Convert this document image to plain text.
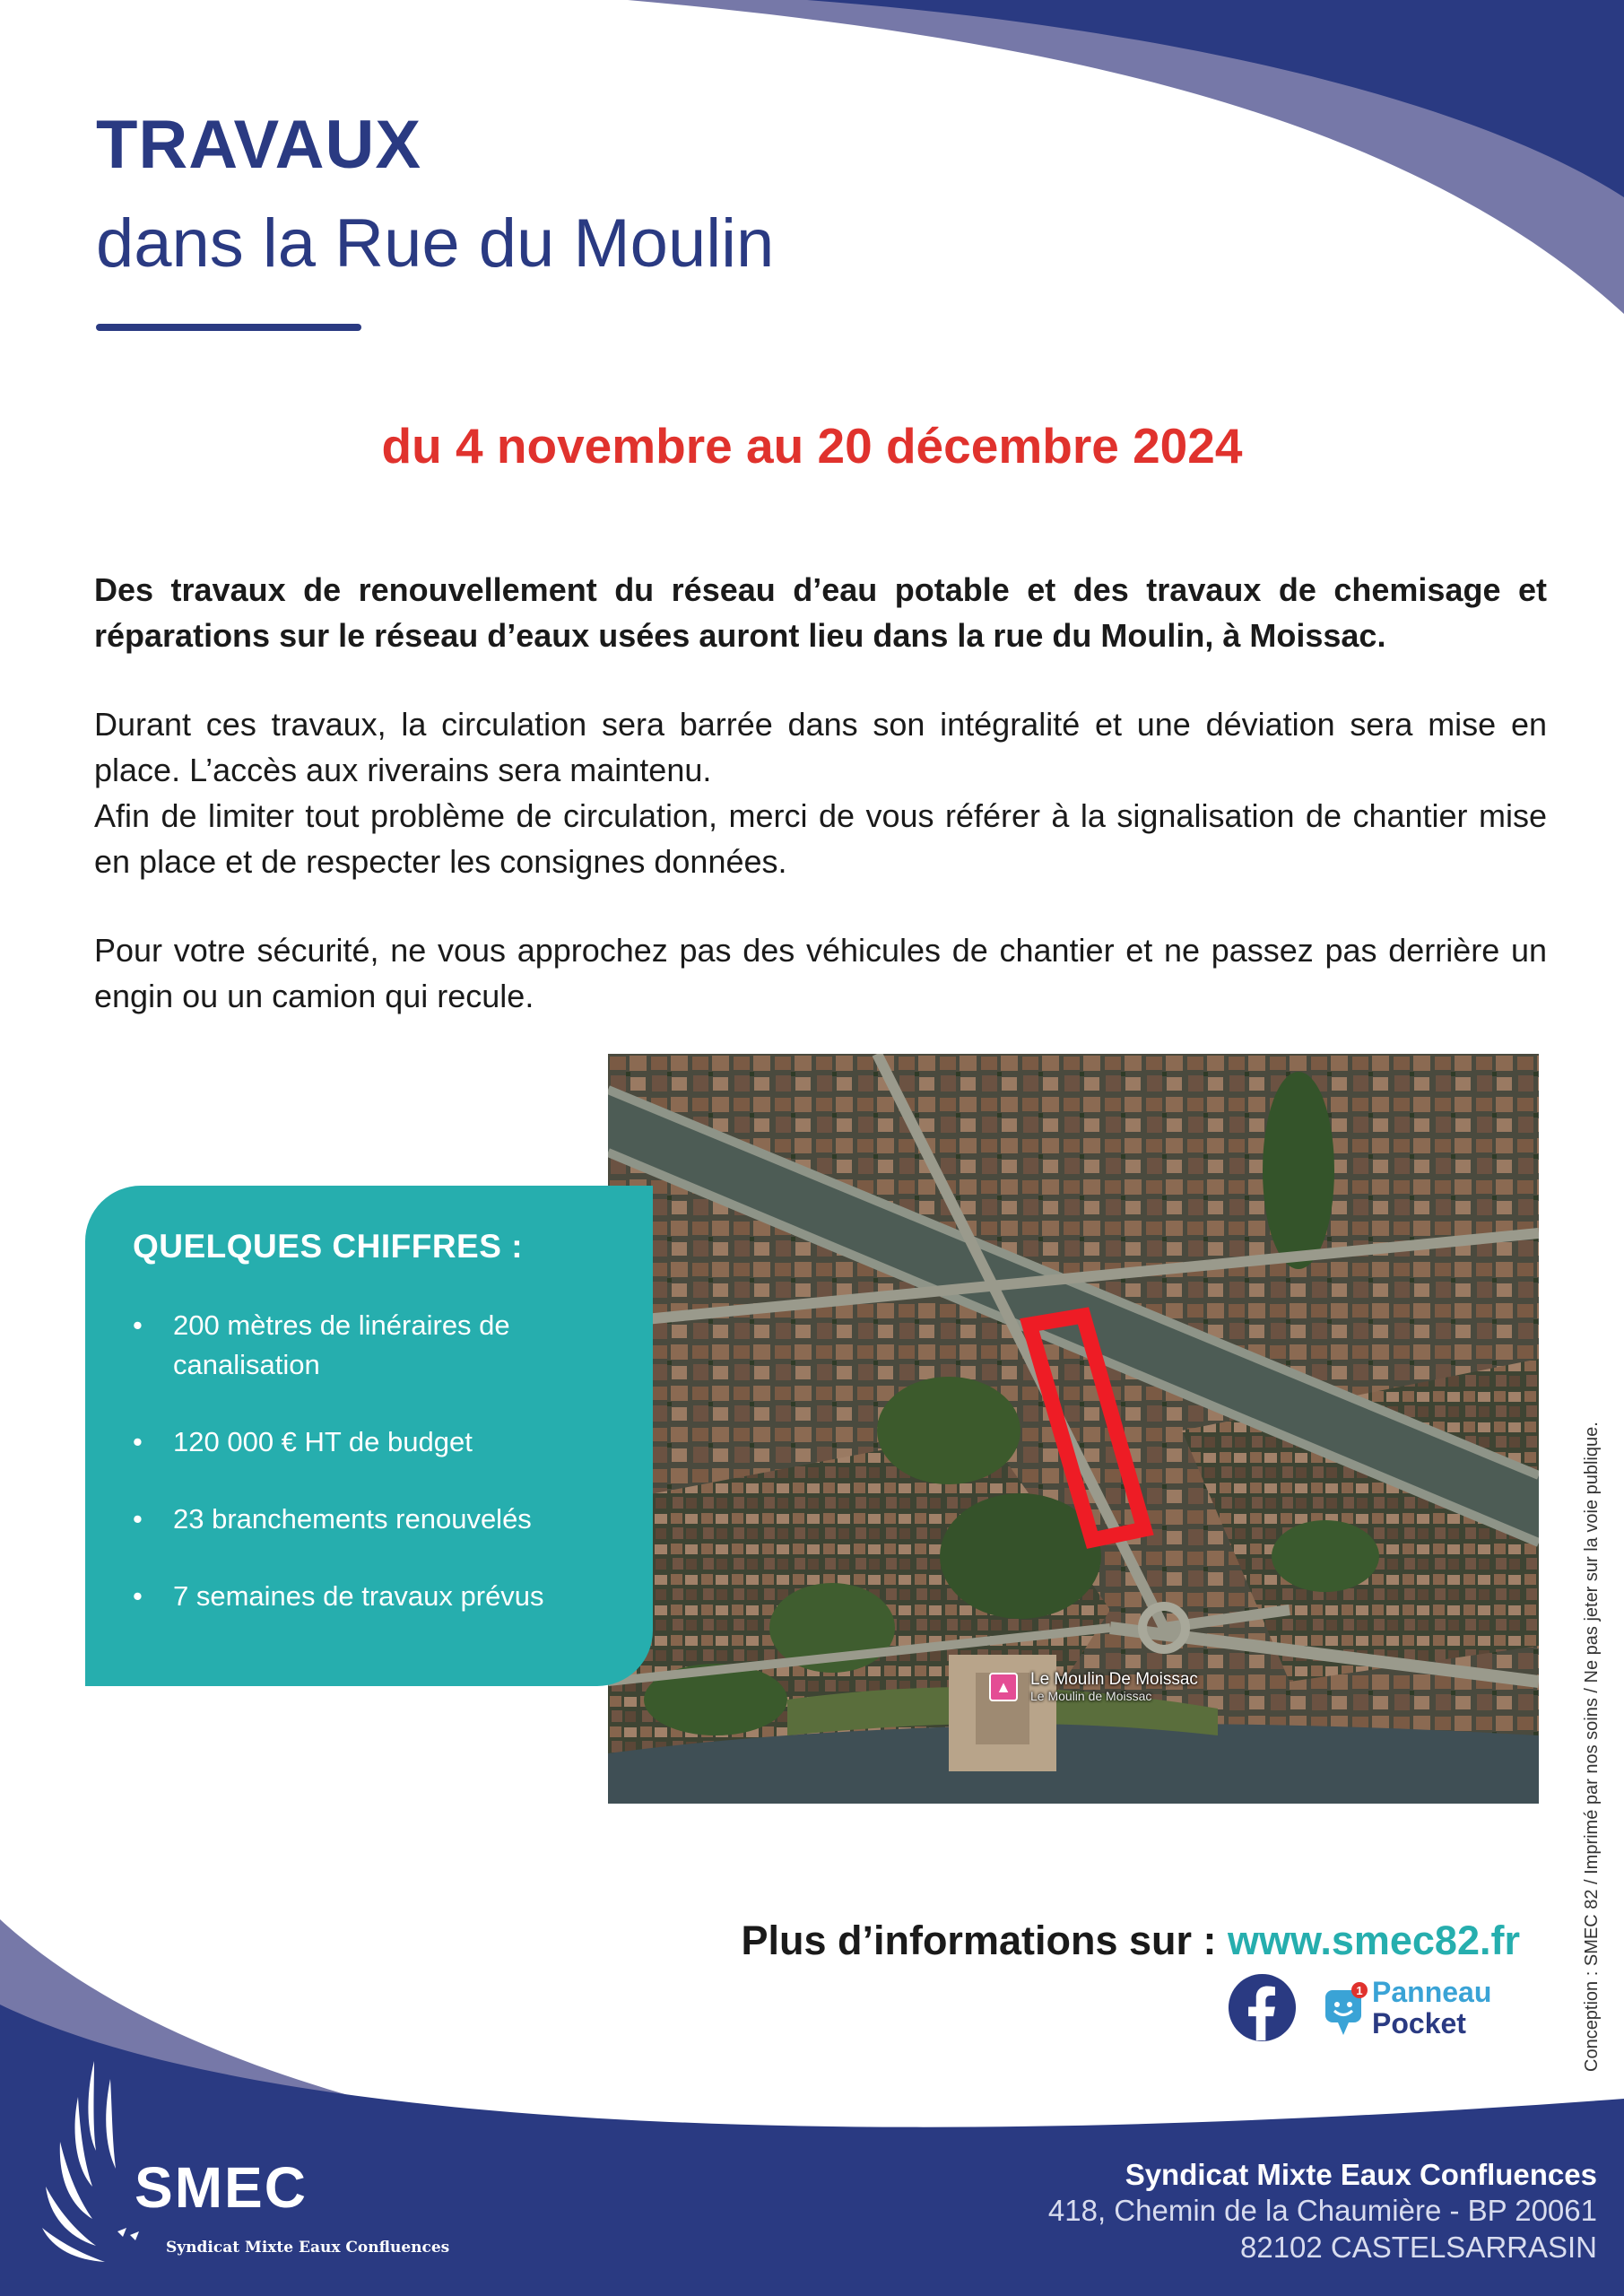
TRAVAUX
dans la Rue du Moulin
du 4 novembre au 20 décembre 2024
Des travaux de renouvellement du réseau d’eau potable et des travaux de chemisage et réparations sur le réseau d’eaux usées auront lieu dans la rue du Moulin, à Moissac.
Durant ces travaux, la circulation sera barrée dans son intégralité et une déviation sera mise en place. L’accès aux riverains sera maintenu.
Afin de limiter tout problème de circulation, merci de vous référer à la signalisation de chantier mise en place et de respecter les consignes données.
Pour votre sécurité, ne vous approchez pas des véhicules de chantier et ne passez pas derrière un engin ou un camion qui recule.
▲ Le Moulin De Moissac
Le Moulin de Moissac
QUELQUES CHIFFRES :
• 200 mètres de linéraires de canalisation
• 120 000 € HT de budget
• 23 branchements renouvelés
• 7 semaines de travaux prévus	Conception : SMEC 82 / Imprimé par nos soins / Ne pas jeter sur la voie publique.
Plus d’informations sur : www.smec82.fr
1 Panneau
Pocket
SMEC
Syndicat Mixte Eaux Confluences
Syndicat Mixte Eaux Confluences
418, Chemin de la Chaumière - BP 20061
82102 CASTELSARRASIN
